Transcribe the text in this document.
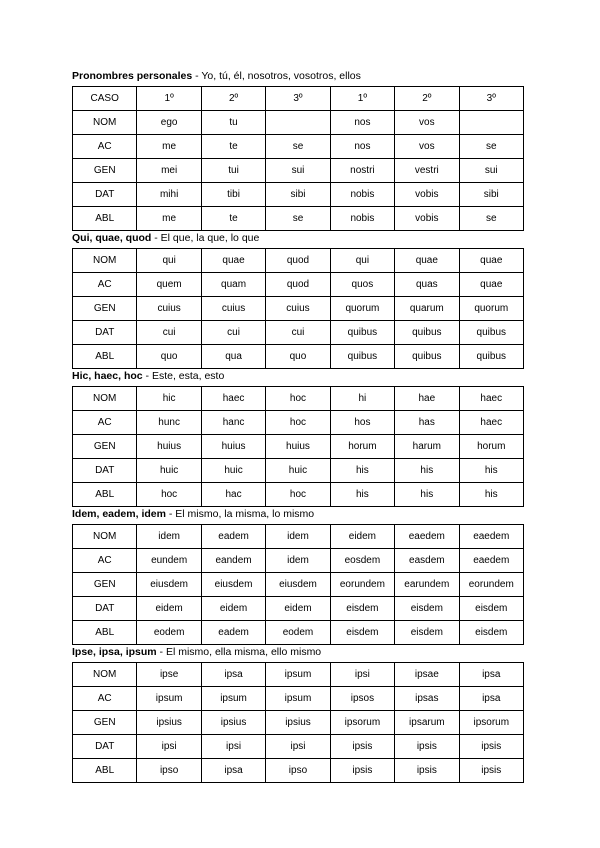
Pronombres personales - Yo, tú, él, nosotros, vosotros, ellos
CASO	1º	2º	3º	1º	2º	3º
NOM	ego	tu		nos	vos	
AC	me	te	se	nos	vos	se
GEN	mei	tui	sui	nostri	vestri	sui
DAT	mihi	tibi	sibi	nobis	vobis	sibi
ABL	me	te	se	nobis	vobis	se
Qui, quae, quod - El que, la que, lo que
NOM	qui	quae	quod	qui	quae	quae
AC	quem	quam	quod	quos	quas	quae
GEN	cuius	cuius	cuius	quorum	quarum	quorum
DAT	cui	cui	cui	quibus	quibus	quibus
ABL	quo	qua	quo	quibus	quibus	quibus
Hic, haec, hoc - Este, esta, esto
NOM	hic	haec	hoc	hi	hae	haec
AC	hunc	hanc	hoc	hos	has	haec
GEN	huius	huius	huius	horum	harum	horum
DAT	huic	huic	huic	his	his	his
ABL	hoc	hac	hoc	his	his	his
Idem, eadem, idem - El mismo, la misma, lo mismo
NOM	idem	eadem	idem	eidem	eaedem	eaedem
AC	eundem	eandem	idem	eosdem	easdem	eaedem
GEN	eiusdem	eiusdem	eiusdem	eorundem	earundem	eorundem
DAT	eidem	eidem	eidem	eisdem	eisdem	eisdem
ABL	eodem	eadem	eodem	eisdem	eisdem	eisdem
Ipse, ipsa, ipsum - El mismo, ella misma, ello mismo
NOM	ipse	ipsa	ipsum	ipsi	ipsae	ipsa
AC	ipsum	ipsum	ipsum	ipsos	ipsas	ipsa
GEN	ipsius	ipsius	ipsius	ipsorum	ipsarum	ipsorum
DAT	ipsi	ipsi	ipsi	ipsis	ipsis	ipsis
ABL	ipso	ipsa	ipso	ipsis	ipsis	ipsis
